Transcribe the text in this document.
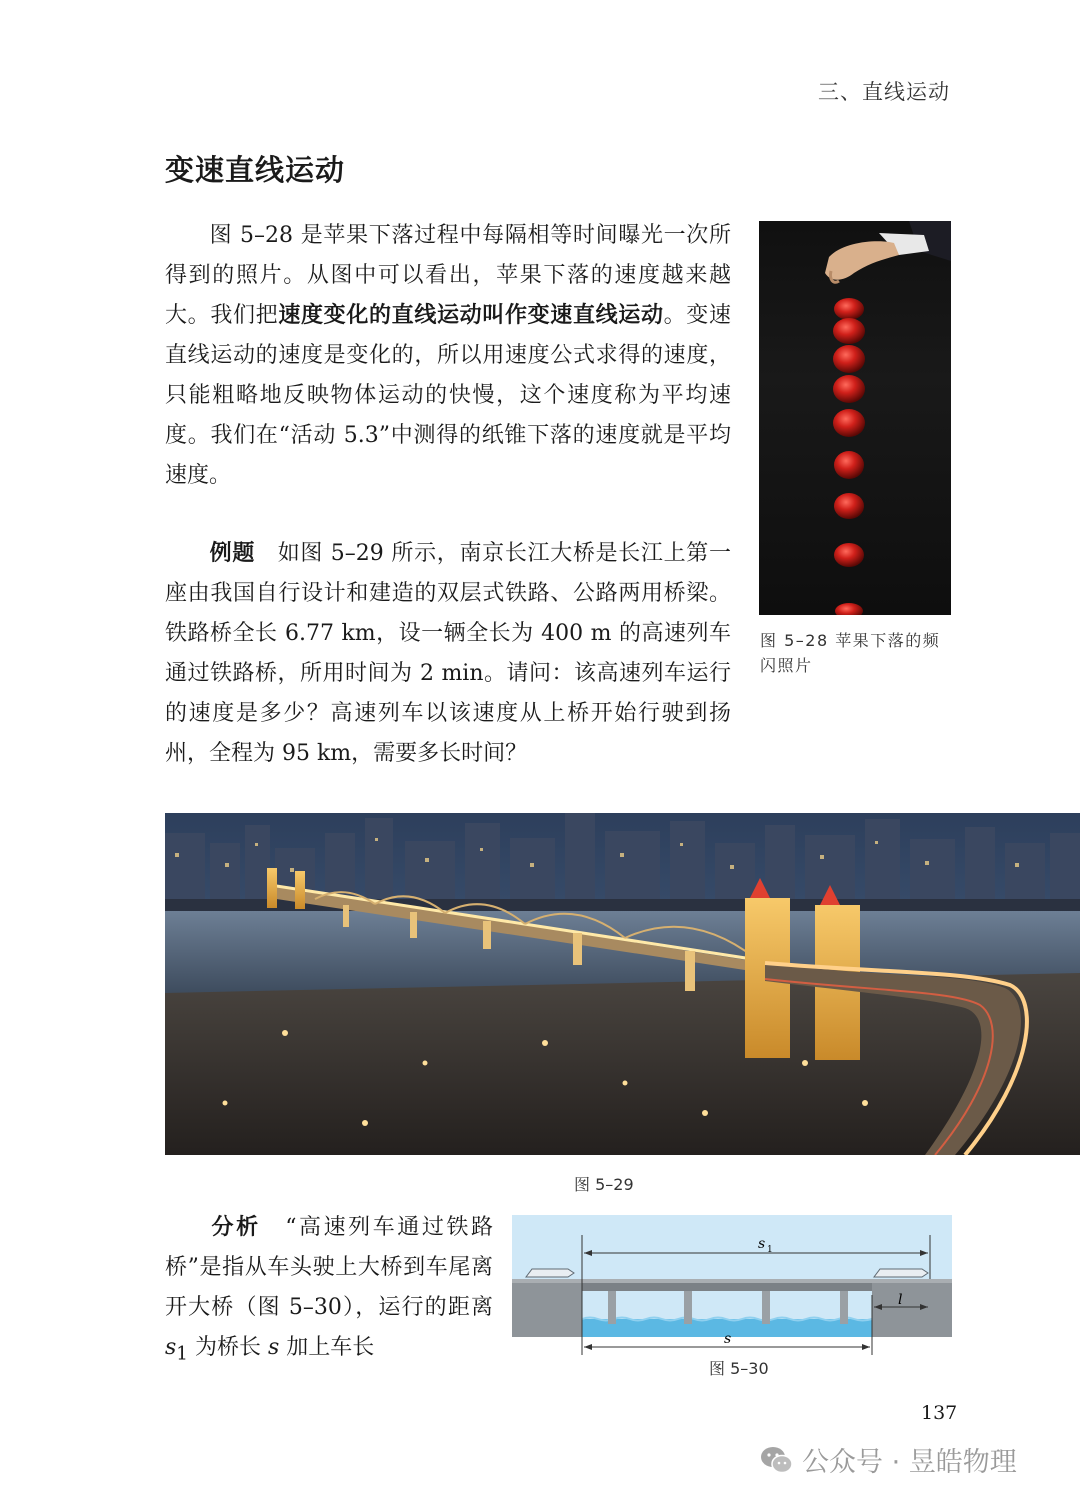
三、直线运动
变速直线运动
图 5–28 是苹果下落过程中每隔相等时间曝光一次所得到的照片。从图中可以看出，苹果下落的速度越来越大。我们把速度变化的直线运动叫作变速直线运动。变速直线运动的速度是变化的，所以用速度公式求得的速度，只能粗略地反映物体运动的快慢，这个速度称为平均速度。我们在“活动 5.3”中测得的纸锥下落的速度就是平均速度。
图 5–28 苹果下落的频闪照片
例题　 如图 5–29 所示，南京长江大桥是长江上第一座由我国自行设计和建造的双层式铁路、公路两用桥梁。铁路桥全长 6.77 km，设一辆全长为 400 m 的高速列车通过铁路桥，所用时间为 2 min。请问：该高速列车运行的速度是多少？高速列车以该速度从上桥开始行驶到扬州，全程为 95 km，需要多长时间？
图 5–29
分析　 “高速列车通过铁路桥”是指从车头驶上大桥到车尾离开大桥（图 5–30），运行的距离 $s_1$ 为桥长 s 加上车长
s 1
l
s
图 5–30
137
公众号 · 昱皓物理
